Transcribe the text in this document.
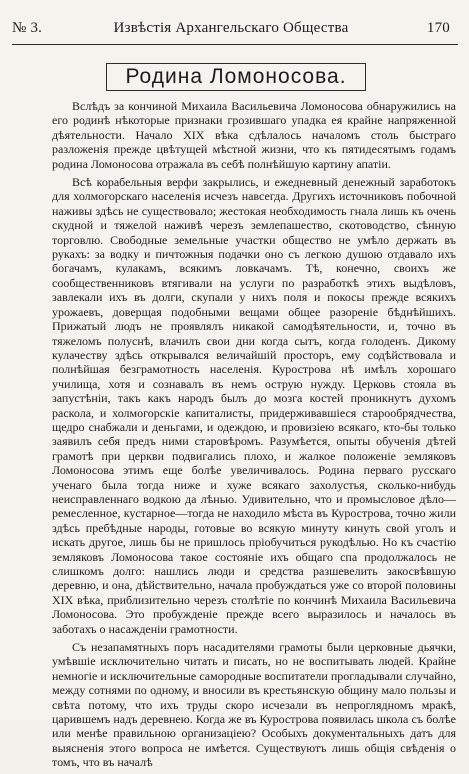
№ 3.	Извѣстія Архангельскаго Общества	170
Родина Ломоносова.

Вслѣдъ за кончиной Михаила Васильевича Ломоносова обнаружились на его родинѣ нѣкоторые признаки грозившаго упадка ея крайне напряженной дѣятельности. Начало XIX вѣка сдѣлалось началомъ столь быстраго разложенія прежде цвѣтущей мѣстной жизни, что къ пятидесятымъ годамъ родина Ломоносова отражала въ себѣ полнѣйшую картину апатіи.

Всѣ корабельныя верфи закрылись, и ежедневный денежный заработокъ для холмогорскаго населенія исчезъ навсегда. Другихъ источниковъ побочной наживы здѣсь не существовало; жестокая необходимость гнала лишь къ очень скудной и тяжелой наживѣ черезъ землепашество, скотоводство, сѣнную торговлю. Свободные земельные участки общество не умѣло держать въ рукахъ: за водку и пичтожныя подачки оно съ легкою душою отдавало ихъ богачамъ, кулакамъ, всякимъ ловкачамъ. Тѣ, конечно, своихъ же сообщественниковъ втягивали на услуги по разработкѣ этихъ выдѣловъ, завлекали ихъ въ долги, скупали у нихъ поля и покосы прежде всякихъ урожаевъ, доверщая подобными вещами общее разореніе бѣднѣйшихъ. Прижатый людъ не проявлялъ никакой самодѣятельности, и, точно въ тяжеломъ полуснѣ, влачилъ свои дни когда сытъ, когда голоденъ. Дикому кулачеству здѣсь открывался величайшій просторъ, ему содѣйствовала и полнѣйшая безграмотность населенія. Курострова нѣ имѣлъ хорошаго училища, хотя и сознавалъ въ немъ острую нужду. Церковь стояла въ запустѣніи, такъ какъ народъ былъ до мозга костей проникнутъ духомъ раскола, и холмогорскіе капиталисты, придерживавшіеся старообрядчества, щедро снабжали и деньгами, и одеждою, и провизіею всякаго, кто-бы только заявилъ себя предъ ними старовѣромъ. Разумѣется, опыты обученія дѣтей грамотѣ при церкви подвигались плохо, и жалкое положеніе земляковъ Ломоносова этимъ еще болѣе увеличивалось. Родина перваго русскаго ученаго была тогда ниже и хуже всякаго захолустья, сколько-нибудь неисправленнаго водкою да лѣнью. Удивительно, что и промысловое дѣло—ремесленное, кустарное—тогда не находило мѣста въ Курострова, точно жили здѣсь пребѣдные народы, готовые во всякую минуту кинуть свой уголъ и искать другое, лишь бы не пришлось пріобучиться рукодѣлью. Но къ счастію земляковъ Ломоносова такое состояніе ихъ общаго спа продолжалось не слишкомъ долго: нашлись люди и средства разшевелить закосвѣвшую деревню, и она, дѣйствительно, начала пробуждаться уже со второй половины XIX вѣка, приблизительно черезъ столѣтіе по кончинѣ Михаила Васильевича Ломоносова. Это пробужденіе прежде всего выразилось и началось въ заботахъ о насажденіи грамотности.

Съ незапамятныхъ поръ насадителями грамоты были церковные дьячки, умѣвшіе исключительно читать и писать, но не воспитывать людей. Крайне немногіе и исключительные самородные воспитатели прогладывали случайно, между сотнями по одному, и вносили въ крестьянскую общину мало пользы и свѣта потому, что ихъ труды скоро исчезали въ непроглядномъ мракѣ, царившемъ надъ деревнею. Когда же въ Курострова появилась школа съ болѣе или менѣе правильною организаціею? Особыхъ документальныхъ датъ для выясненія этого вопроса не имѣется. Существуютъ лишь общія свѣденія о томъ, что въ началѣ
